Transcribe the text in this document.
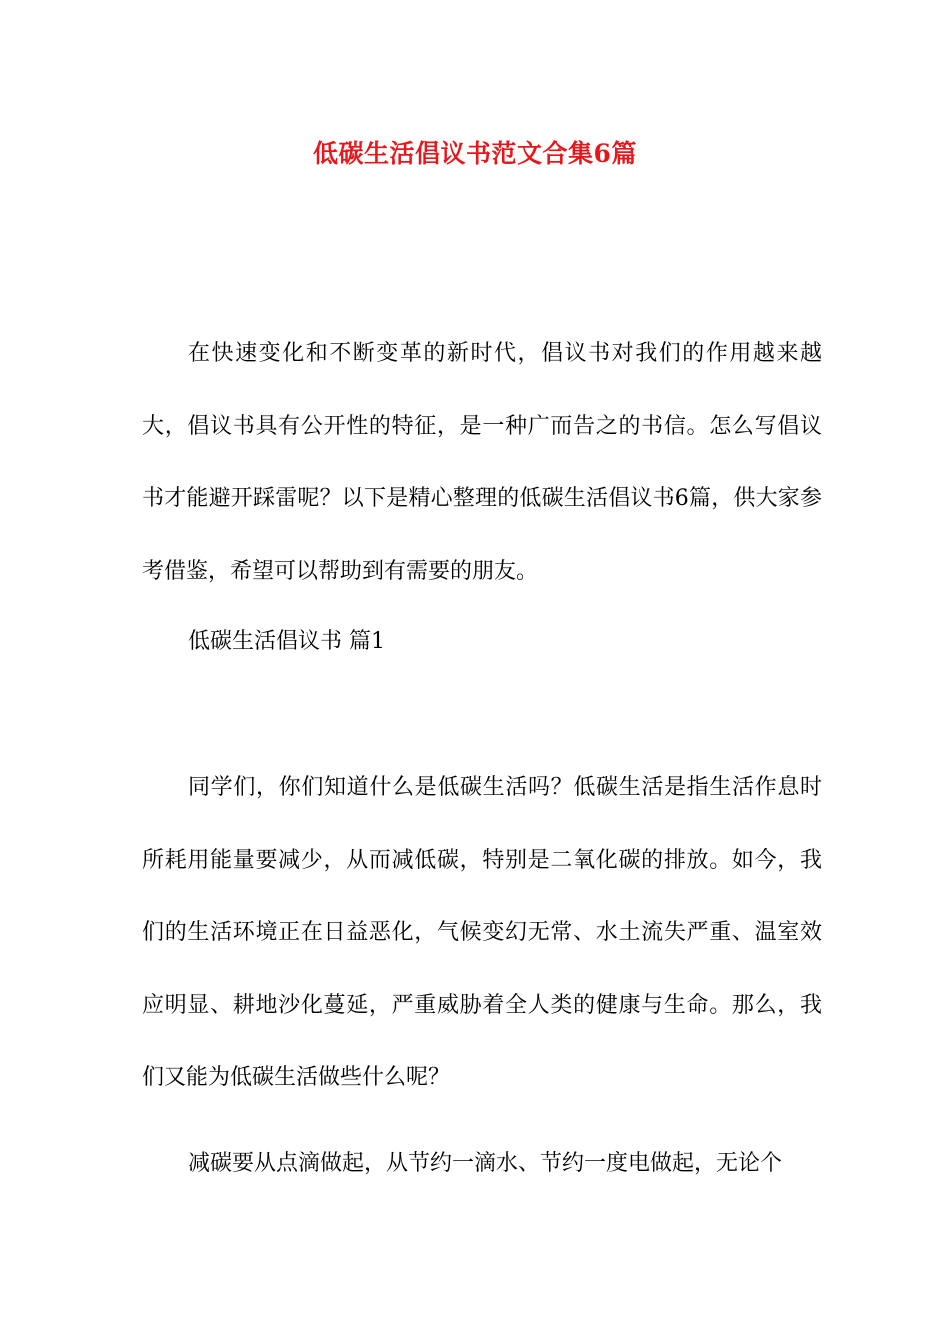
低碳生活倡议书范文合集6篇

在快速变化和不断变革的新时代，倡议书对我们的作用越来越大，倡议书具有公开性的特征，是一种广而告之的书信。怎么写倡议书才能避开踩雷呢？以下是精心整理的低碳生活倡议书6篇，供大家参考借鉴，希望可以帮助到有需要的朋友。

低碳生活倡议书 篇1

同学们，你们知道什么是低碳生活吗？低碳生活是指生活作息时所耗用能量要减少，从而减低碳，特别是二氧化碳的排放。如今，我们的生活环境正在日益恶化，气候变幻无常、水土流失严重、温室效应明显、耕地沙化蔓延，严重威胁着全人类的健康与生命。那么，我们又能为低碳生活做些什么呢？

减碳要从点滴做起，从节约一滴水、节约一度电做起，无论个
